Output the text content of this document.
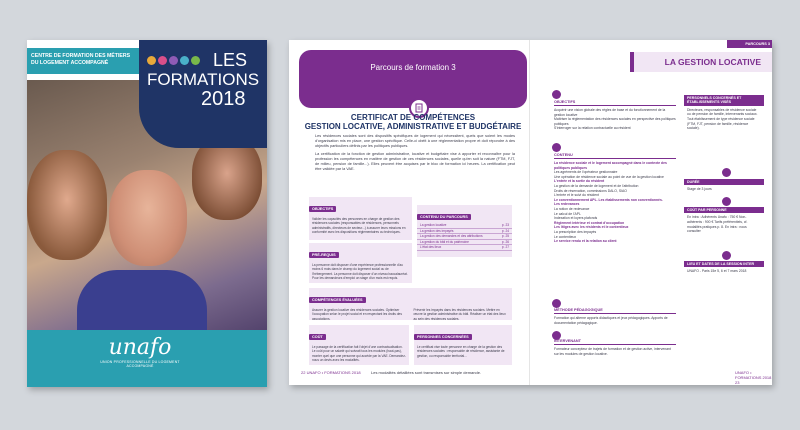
CENTRE DE FORMATION DES MÉTIERS
DU LOGEMENT ACCOMPAGNÉ	LES
FORMATIONS
2018
unafo
UNION PROFESSIONNELLE DU LOGEMENT
ACCOMPAGNÉ
Parcours de formation 3
CERTIFICAT DE COMPÉTENCES
GESTION LOCATIVE, ADMINISTRATIVE ET BUDGÉTAIRE

Les résidences sociales sont des dispositifs spécifiques de logement qui nécessitent, quels que soient les modes d'organisation mis en place, une gestion spécifique. Celle-ci obéit à une réglementation propre et doit répondre à des objectifs particuliers définis par les politiques publiques.

La certification de la fonction de gestion administrative, locative et budgétaire vise à apporter et reconnaître pour la profession les compétences en matière de gestion de ces résidences sociales, quelle qu'en soit la nature (FTM, FJT, de milieu, pension de famille...). Elles peuvent être acquises par le bloc de formation ici heures. La certification peut être validée par la VAE.

OBJECTIFS
Valider les capacités des personnes en charge de gestion des résidences sociales (responsables de résidences, personnels administratifs, directeurs de secteur...) à assurer leurs missions en conformité avec les dispositions réglementaires ou techniques.
PRÉ-REQUIS
La personne doit disposer d'une expérience professionnelle d'au moins 6 mois dans le champ du logement social ou de l'hébergement. La personne doit disposer d'un niveau baccalauréat. Pour les demandeurs d'emploi un stage d'un mois est requis.
CONTENU DU PARCOURS
La gestion locative	p. 23
La gestion des impayés	p. 24
La gestion des demandes et des attributions	p. 25
La gestion du bâti et du patrimoine	p. 26
L'état des lieux	p. 27
COMPÉTENCES ÉVALUÉES
Assurer la gestion locative des résidences sociales. Optimiser l'occupation selon le projet social et en respectant les droits des associations.
Prévenir les impayés dans les résidences sociales. Mettre en œuvre la gestion administrative du bâti. Réaliser un état des lieux au sein des résidences sociales.
COÛT
Le passage de la certification fait l'objet d'une contractualisation. Le coût pour un salarié qui suivrait tous les modules (haut-pas), monter quel que une personne qui accède par la VAE. Demandez-nous un devis avec les modalités.
PERSONNES CONCERNÉES
Le certificat vise toute personne en charge de la gestion des résidences sociales : responsable de résidence, assistante de gestion, ou responsable territorial...
22 UNAFO • FORMATIONS 2018	Les modalités détaillées sont transmises sur simple demande.
PARCOURS 3
LA GESTION LOCATIVE
OBJECTIFS
Acquérir une vision globale des règles de base et du fonctionnement de la gestion locative
Maîtriser la réglementation des résidences sociales en perspective des politiques publiques
S'interroger sur la relation contractuelle au résident
CONTENU
La résidence sociale et le logement accompagné dans le contexte des politiques publiques
Les agréments de l'opérateur gestionnaire
Une opération de résidence sociale au point de vue de la gestion locative
L'entrée et la sortie du résident
La gestion de la demande de logement et de l'attribution
Droits de réservation, commissions DALO, SIAO
L'entrée et le suivi du résident
Le conventionnement APL. Les établissements non conventionnés.
Les redevances
La notion de redevance
Le calcul de l'APL
Indexation et loyers plafonds
Règlement intérieur et contrat d'occupation
Les litiges avec les résidents et le contentieux
La prescription des impayés
Le contentieux
Le service rendu et la relation au client
MÉTHODE PÉDAGOGIQUE
Formation qui alterne apports didactiques et jeux pédagogiques. Apports de documentation pédagogique.
INTERVENANT
Formateur concepteur de trajets de formation et de gestion active, intervenant sur les modules de gestion locative.
PERSONNELS CONCERNÉS ET ÉTABLISSEMENTS VISÉS
Directeurs, responsables de résidence sociale ou de pension de famille, intervenants sociaux. Tout établissement de type résidence sociale (FTM, FJT, pension de famille, résidence sociale).
DURÉE
Stage de 3 jours
COÛT PAR PERSONNE
En intra : Adhérents Unafo : 750 € Non-adhérents : 900 € Tarifs préférentiels, cf. modalités pratiques p. 8. En intra : nous consulter
LIEU ET DATES DE LA SESSION INTER
UNAFO - Paris 15e 5, 6 et 7 mars 2018
UNAFO • FORMATIONS 2018 23
